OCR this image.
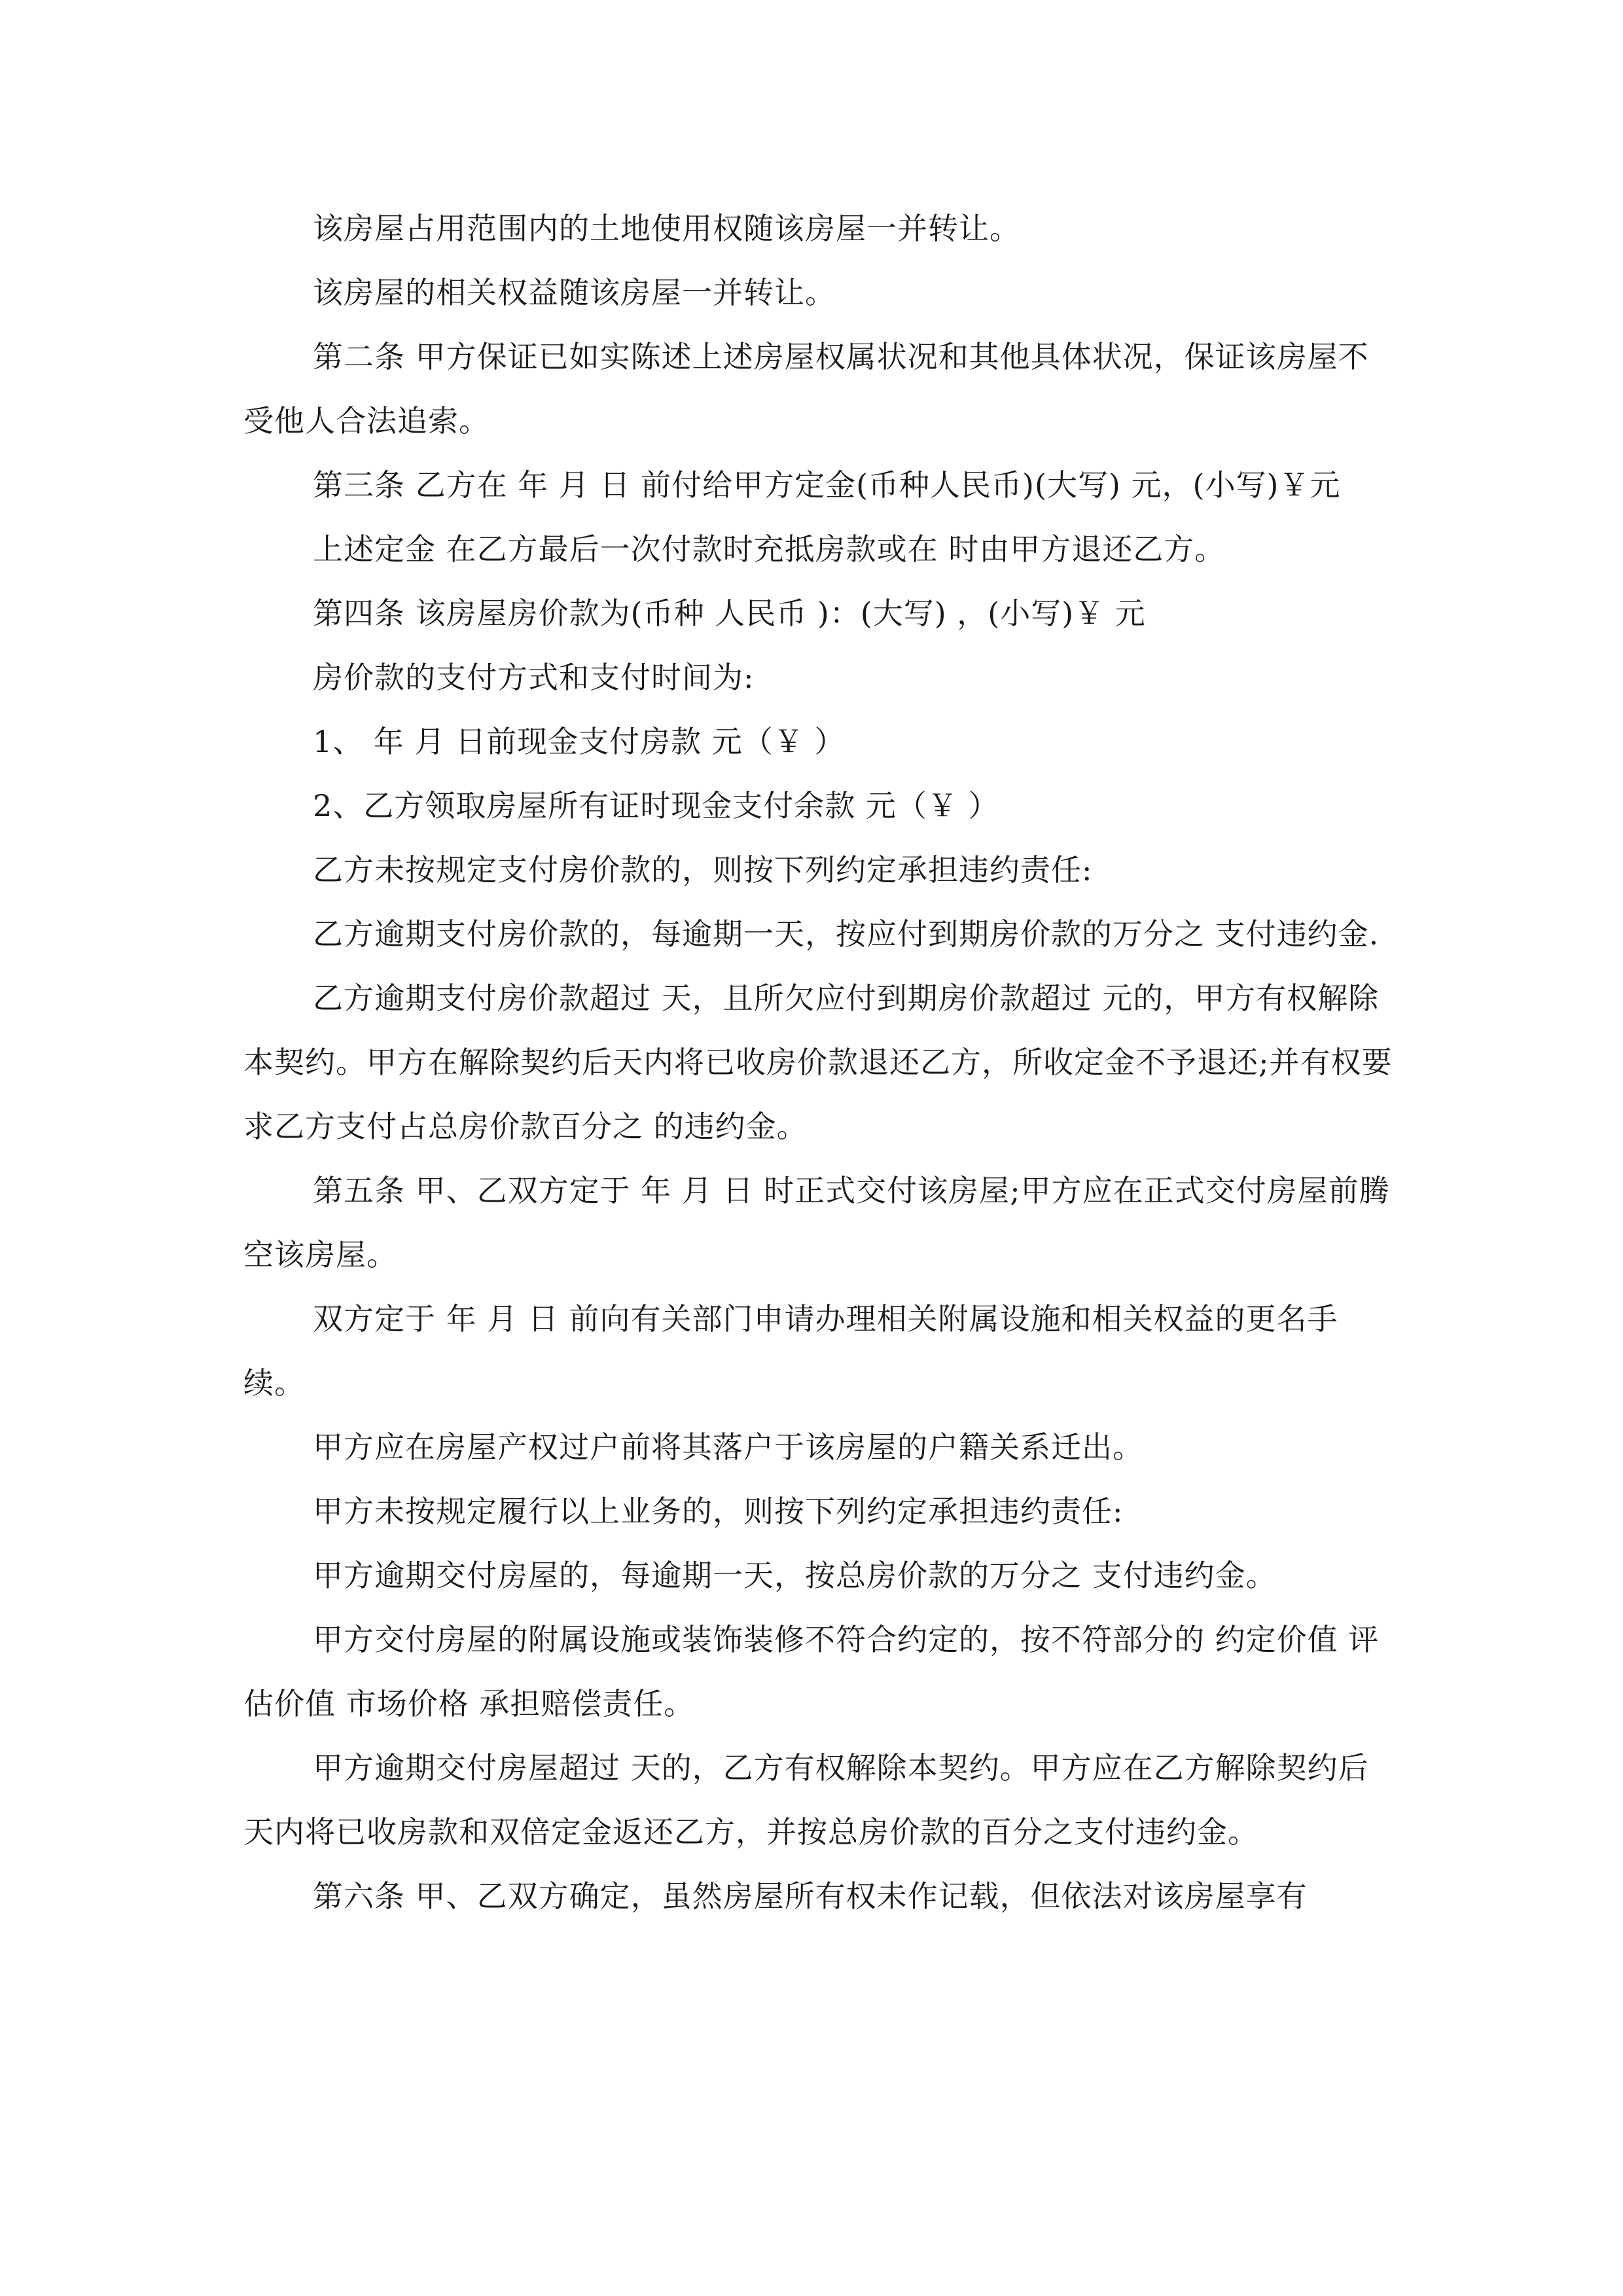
该房屋占用范围内的土地使用权随该房屋一并转让。

该房屋的相关权益随该房屋一并转让。

第二条 甲方保证已如实陈述上述房屋权属状况和其他具体状况，保证该房屋不受他人合法追索。

第三条 乙方在 年 月 日 前付给甲方定金(币种人民币)(大写) 元，(小写)￥元

上述定金 在乙方最后一次付款时充抵房款或在 时由甲方退还乙方。

第四条 该房屋房价款为(币种 人民币 )：(大写) ，(小写)￥ 元

房价款的支付方式和支付时间为:

1、 年 月 日前现金支付房款 元（￥ ）

2、乙方领取房屋所有证时现金支付余款 元（￥ ）

乙方未按规定支付房价款的，则按下列约定承担违约责任:

乙方逾期支付房价款的，每逾期一天，按应付到期房价款的万分之 支付违约金.

乙方逾期支付房价款超过 天，且所欠应付到期房价款超过 元的，甲方有权解除本契约。甲方在解除契约后天内将已收房价款退还乙方，所收定金不予退还;并有权要求乙方支付占总房价款百分之 的违约金。

第五条 甲、乙双方定于 年 月 日 时正式交付该房屋;甲方应在正式交付房屋前腾空该房屋。

双方定于 年 月 日 前向有关部门申请办理相关附属设施和相关权益的更名手续。

甲方应在房屋产权过户前将其落户于该房屋的户籍关系迁出。

甲方未按规定履行以上业务的，则按下列约定承担违约责任:

甲方逾期交付房屋的，每逾期一天，按总房价款的万分之 支付违约金。

甲方交付房屋的附属设施或装饰装修不符合约定的，按不符部分的 约定价值 评估价值 市场价格 承担赔偿责任。

甲方逾期交付房屋超过 天的，乙方有权解除本契约。甲方应在乙方解除契约后天内将已收房款和双倍定金返还乙方，并按总房价款的百分之支付违约金。

第六条 甲、乙双方确定，虽然房屋所有权未作记载，但依法对该房屋享有
